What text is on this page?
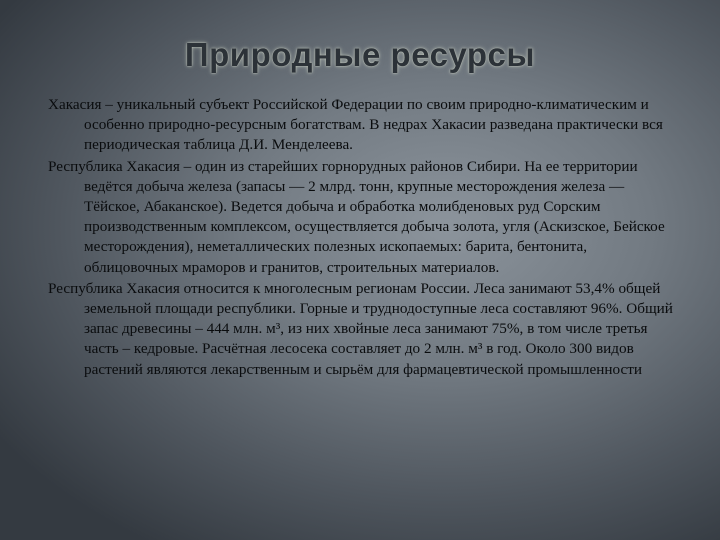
Природные ресурсы

Хакасия – уникальный субъект Российской Федерации по своим природно-климатическим и особенно природно-ресурсным богатствам. В недрах Хакасии разведана практически вся периодическая таблица Д.И. Менделеева.

Республика Хакасия – один из старейших горнорудных районов Сибири. На ее территории ведётся добыча железа (запасы — 2 млрд. тонн, крупные месторождения железа — Тёйское, Абаканское). Ведется добыча и обработка молибденовых руд Сорским производственным комплексом, осуществляется добыча золота, угля (Аскизское, Бейское месторождения), неметаллических полезных ископаемых: барита, бентонита, облицовочных мраморов и гранитов, строительных материалов.

Республика Хакасия относится к многолесным регионам России. Леса занимают 53,4% общей земельной площади республики. Горные и труднодоступные леса составляют 96%. Общий запас древесины – 444 млн. м³, из них хвойные леса занимают 75%, в том числе третья часть – кедровые. Расчётная лесосека составляет до 2 млн. м³ в год. Около 300 видов растений являются лекарственным и сырьём для фармацевтической промышленности
